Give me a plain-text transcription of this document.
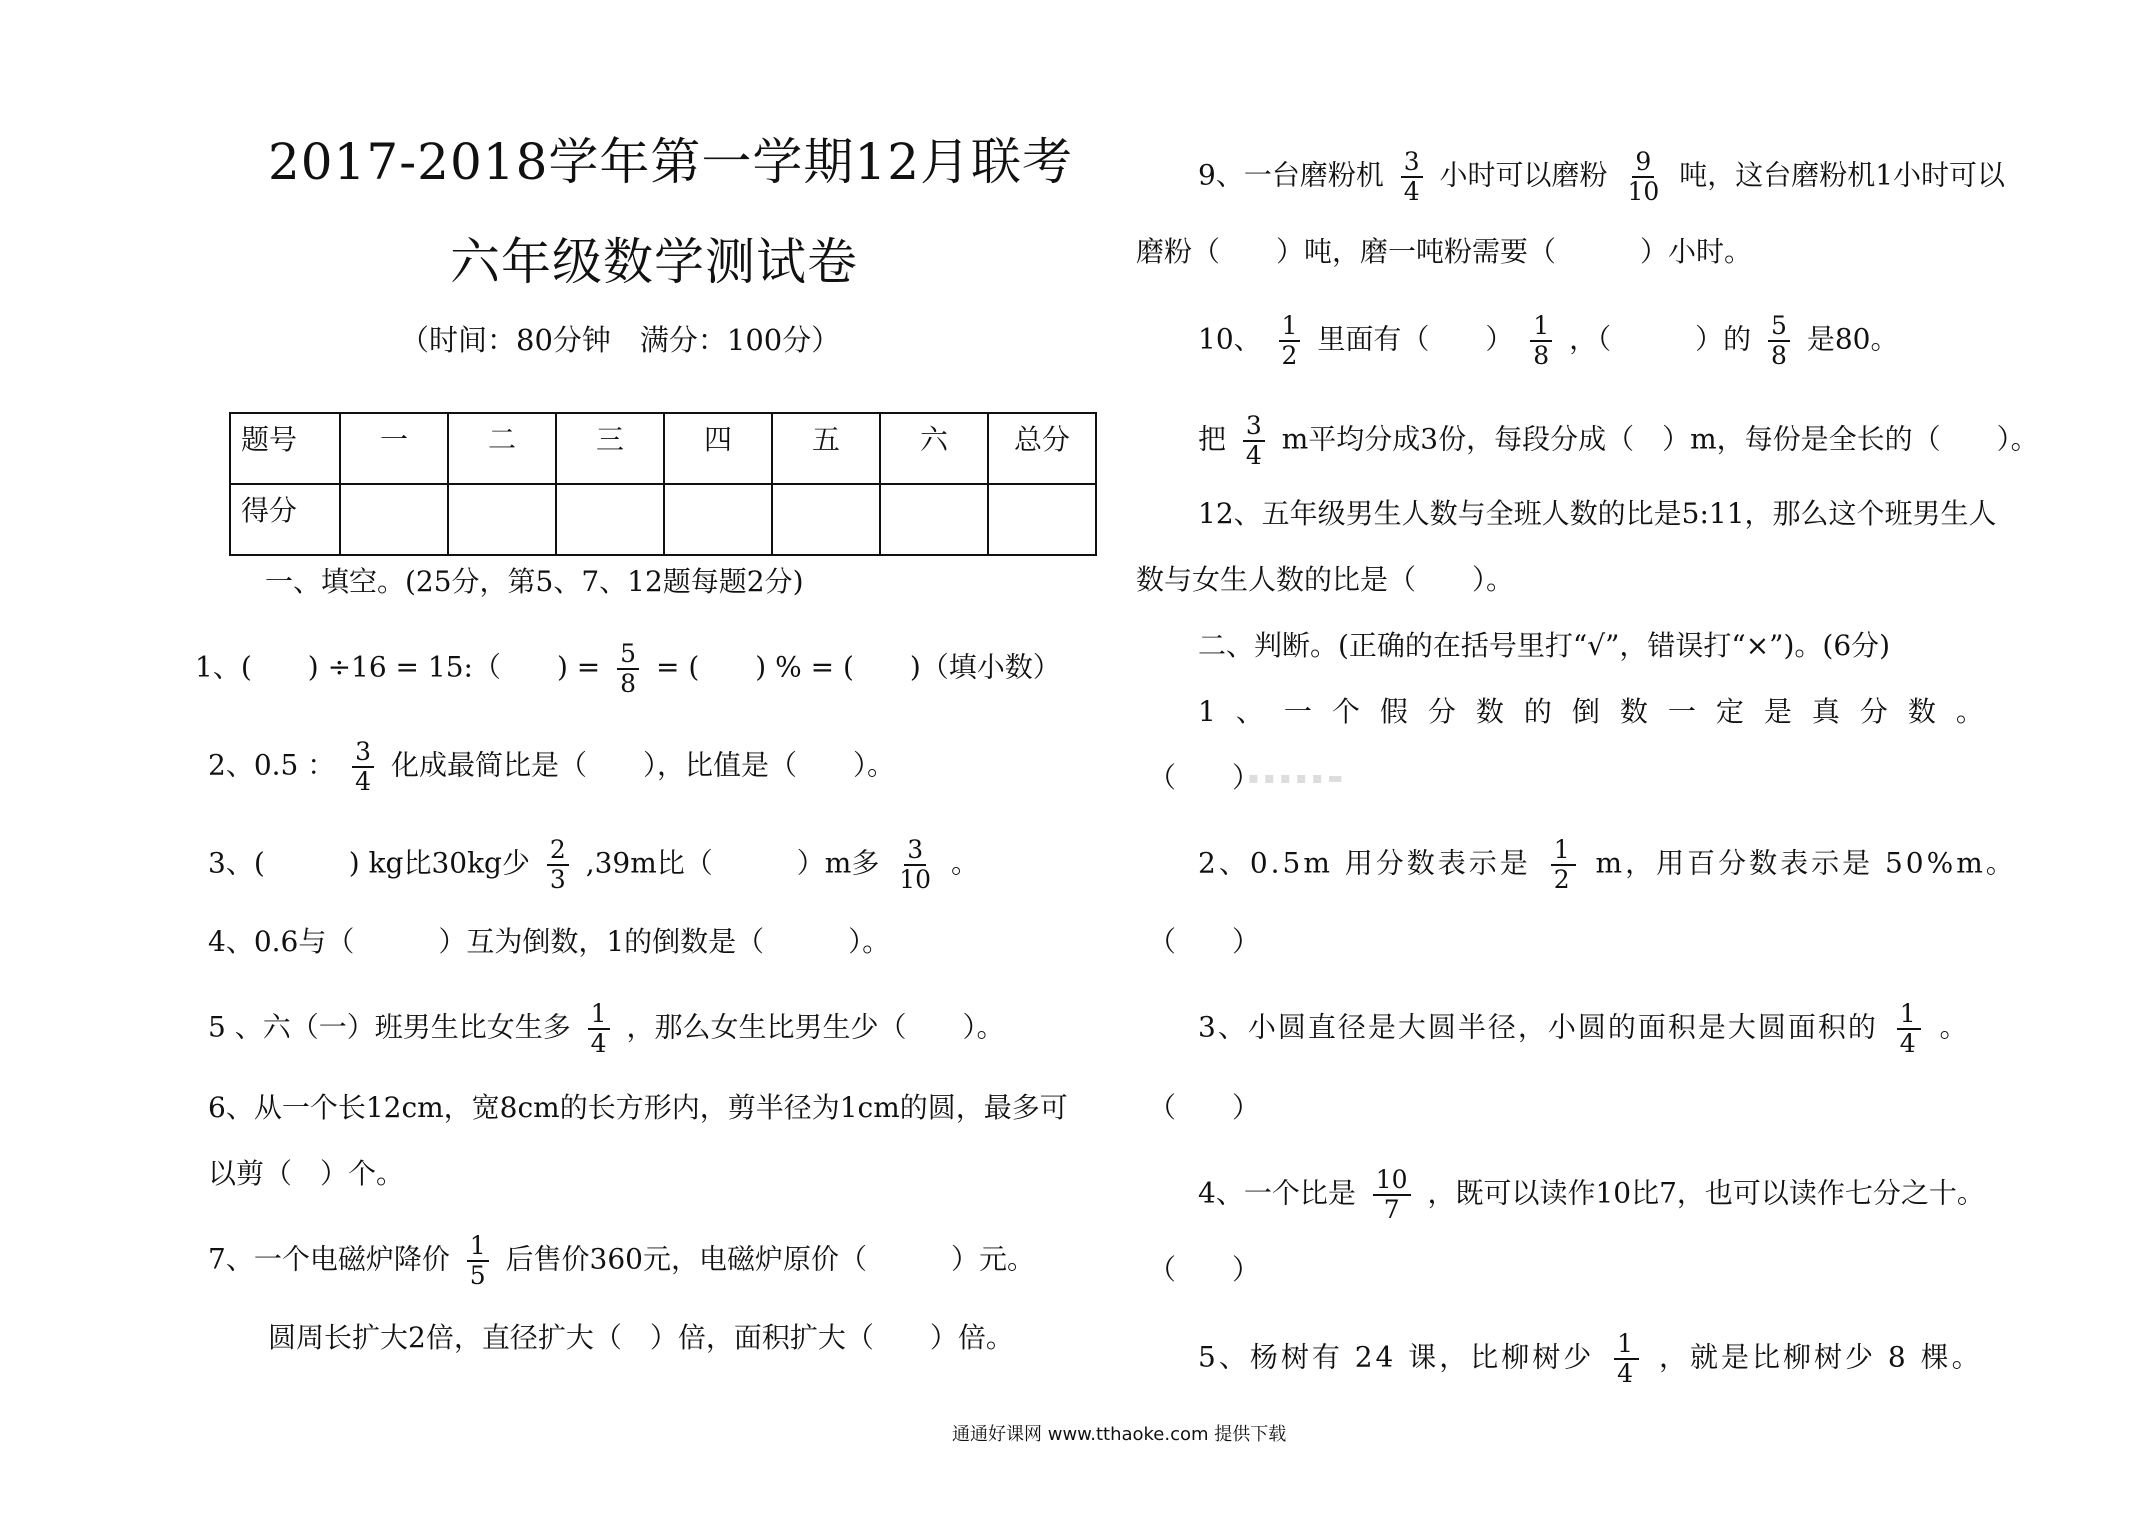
2017-2018学年第一学期12月联考
六年级数学测试卷
（时间：80分钟　满分：100分）
题号	一	二	三	四	五	六	总分
得分							
一、填空。(25分，第5、7、12题每题2分)
1、(　　) ÷16 = 15:（　　) = $\frac{5}{8}$ = (　　) % = (　　)（填小数）
2、0.5 ： $\frac{3}{4}$ 化成最简比是（　　），比值是（　　）。
3、(　　　) kg比30kg少 $\frac{2}{3} ,39m$比（　　　）m多 $\frac{3}{10}$ 。
4、0.6与（　　　）互为倒数，1的倒数是（　　　）。
5 、六（一）班男生比女生多 $\frac{1}{4}$ ，那么女生比男生少（　　）。
6、从一个长12cm，宽8cm的长方形内，剪半径为1cm的圆，最多可
以剪（　）个。
7、一个电磁炉降价 $\frac{1}{5}$ 后售价360元，电磁炉原价（　　　）元。
圆周长扩大2倍，直径扩大（　）倍，面积扩大（　　）倍。
9、一台磨粉机 $\frac{3}{4}$ 小时可以磨粉 $\frac{9}{10}$ 吨，这台磨粉机1小时可以
磨粉（　　）吨，磨一吨粉需要（　　　）小时。
10、 $\frac{1}{2}$ 里面有（　　） $\frac{1}{8}$ ，（　　　）的 $\frac{5}{8}$ 是80。
把 $\frac{3}{4}$ m平均分成3份，每段分成（　）m，每份是全长的（　　）。
12、五年级男生人数与全班人数的比是5:11，那么这个班男生人
数与女生人数的比是（　　）。
二、判断。(正确的在括号里打“√”，错误打“×”)。(6分)
1、一个假分数的倒数一定是真分数。
（　　）
▪ ▪ ▪ ▪ ▪ ▬
2、0.5m 用分数表示是 $\frac{1}{2}$ m，用百分数表示是 50%m。
（　　）
3、小圆直径是大圆半径，小圆的面积是大圆面积的 $\frac{1}{4}$ 。
（　　）
4、一个比是 $\frac{10}{7}$ ，既可以读作10比7，也可以读作七分之十。
（　　）
5、杨树有 24 课，比柳树少 $\frac{1}{4}$ ，就是比柳树少 8 棵。
通通好课网 www.tthaoke.com 提供下载
